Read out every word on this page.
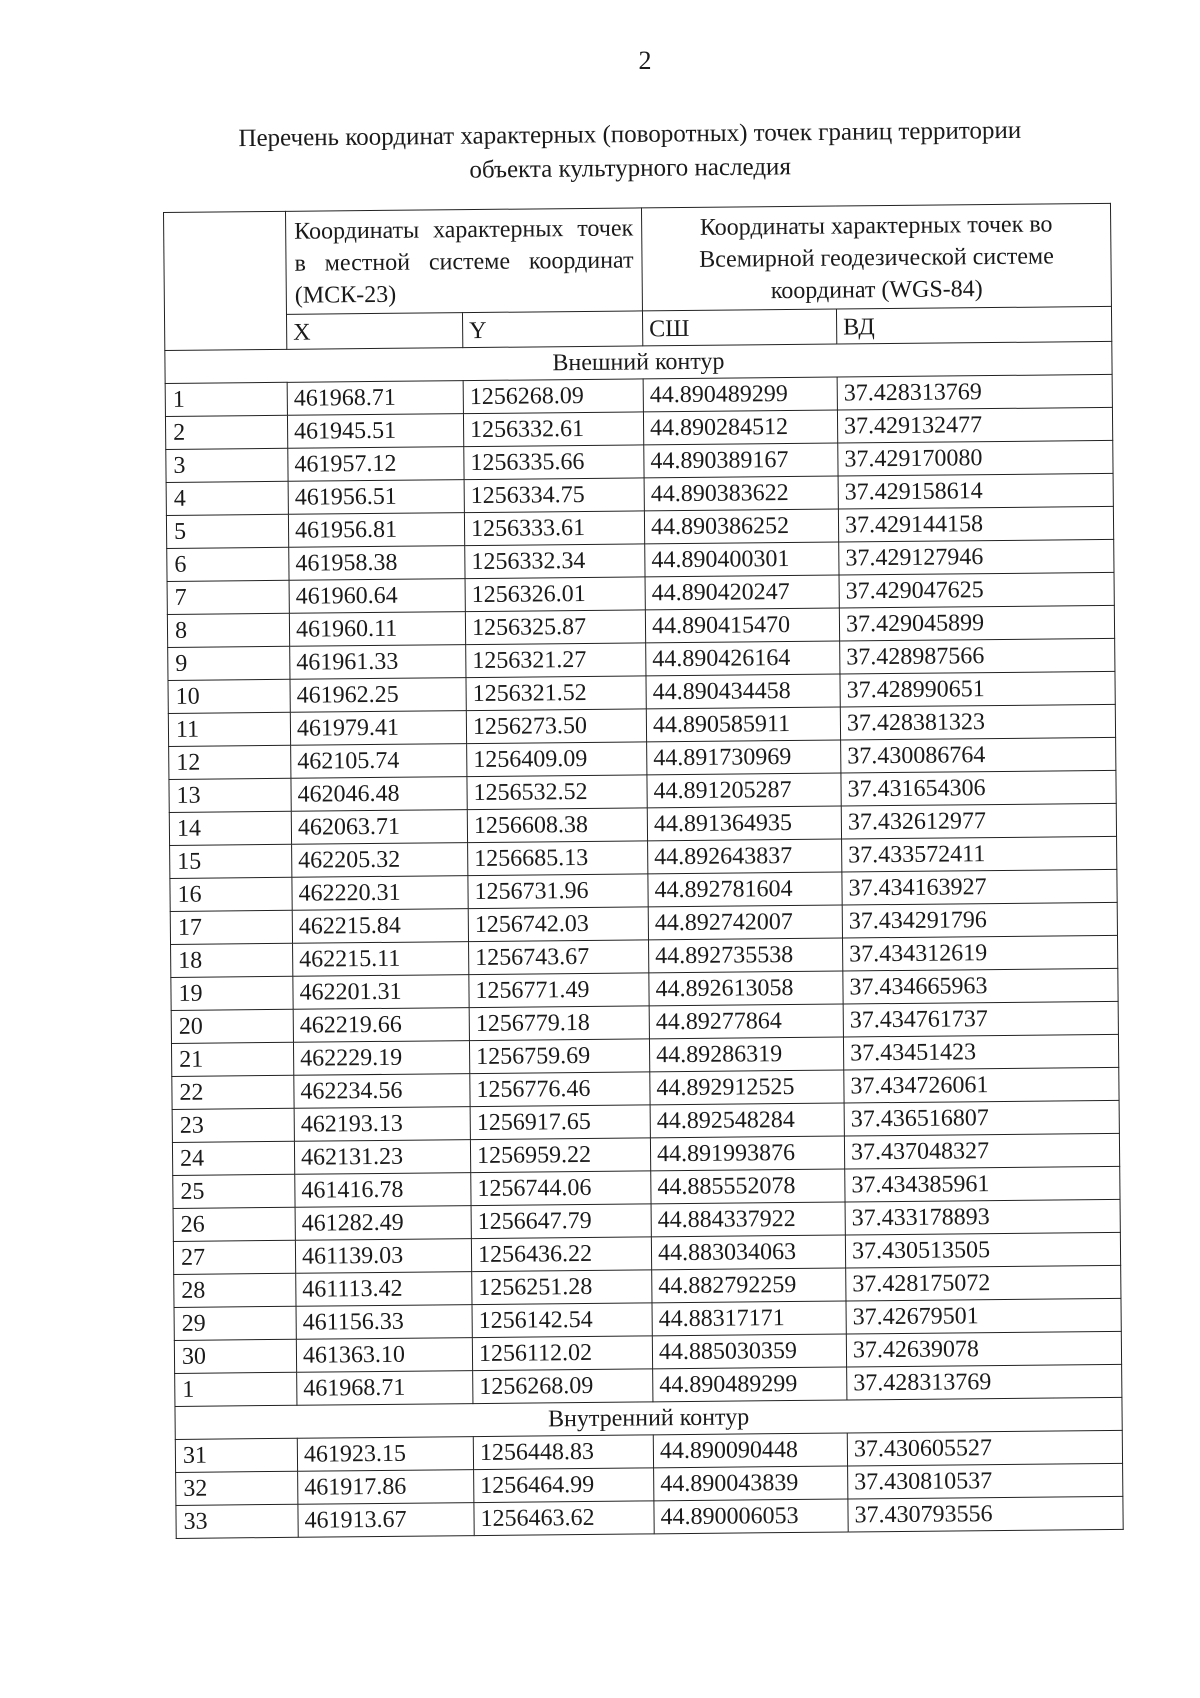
2
Перечень координат характерных (поворотных) точек границ территории
объекта культурного наследия
	Координаты характерных точек в местной системе координат (МСК-23)		Координаты характерных точек во Всемирной геодезической системе координат (WGS-84)	
	X	Y	СШ	ВД
Внешний контур				
1	461968.71	1256268.09	44.890489299	37.428313769
2	461945.51	1256332.61	44.890284512	37.429132477
3	461957.12	1256335.66	44.890389167	37.429170080
4	461956.51	1256334.75	44.890383622	37.429158614
5	461956.81	1256333.61	44.890386252	37.429144158
6	461958.38	1256332.34	44.890400301	37.429127946
7	461960.64	1256326.01	44.890420247	37.429047625
8	461960.11	1256325.87	44.890415470	37.429045899
9	461961.33	1256321.27	44.890426164	37.428987566
10	461962.25	1256321.52	44.890434458	37.428990651
11	461979.41	1256273.50	44.890585911	37.428381323
12	462105.74	1256409.09	44.891730969	37.430086764
13	462046.48	1256532.52	44.891205287	37.431654306
14	462063.71	1256608.38	44.891364935	37.432612977
15	462205.32	1256685.13	44.892643837	37.433572411
16	462220.31	1256731.96	44.892781604	37.434163927
17	462215.84	1256742.03	44.892742007	37.434291796
18	462215.11	1256743.67	44.892735538	37.434312619
19	462201.31	1256771.49	44.892613058	37.434665963
20	462219.66	1256779.18	44.89277864	37.434761737
21	462229.19	1256759.69	44.89286319	37.43451423
22	462234.56	1256776.46	44.892912525	37.434726061
23	462193.13	1256917.65	44.892548284	37.436516807
24	462131.23	1256959.22	44.891993876	37.437048327
25	461416.78	1256744.06	44.885552078	37.434385961
26	461282.49	1256647.79	44.884337922	37.433178893
27	461139.03	1256436.22	44.883034063	37.430513505
28	461113.42	1256251.28	44.882792259	37.428175072
29	461156.33	1256142.54	44.88317171	37.42679501
30	461363.10	1256112.02	44.885030359	37.42639078
1	461968.71	1256268.09	44.890489299	37.428313769
Внутренний контур				
31	461923.15	1256448.83	44.890090448	37.430605527
32	461917.86	1256464.99	44.890043839	37.430810537
33	461913.67	1256463.62	44.890006053	37.430793556
